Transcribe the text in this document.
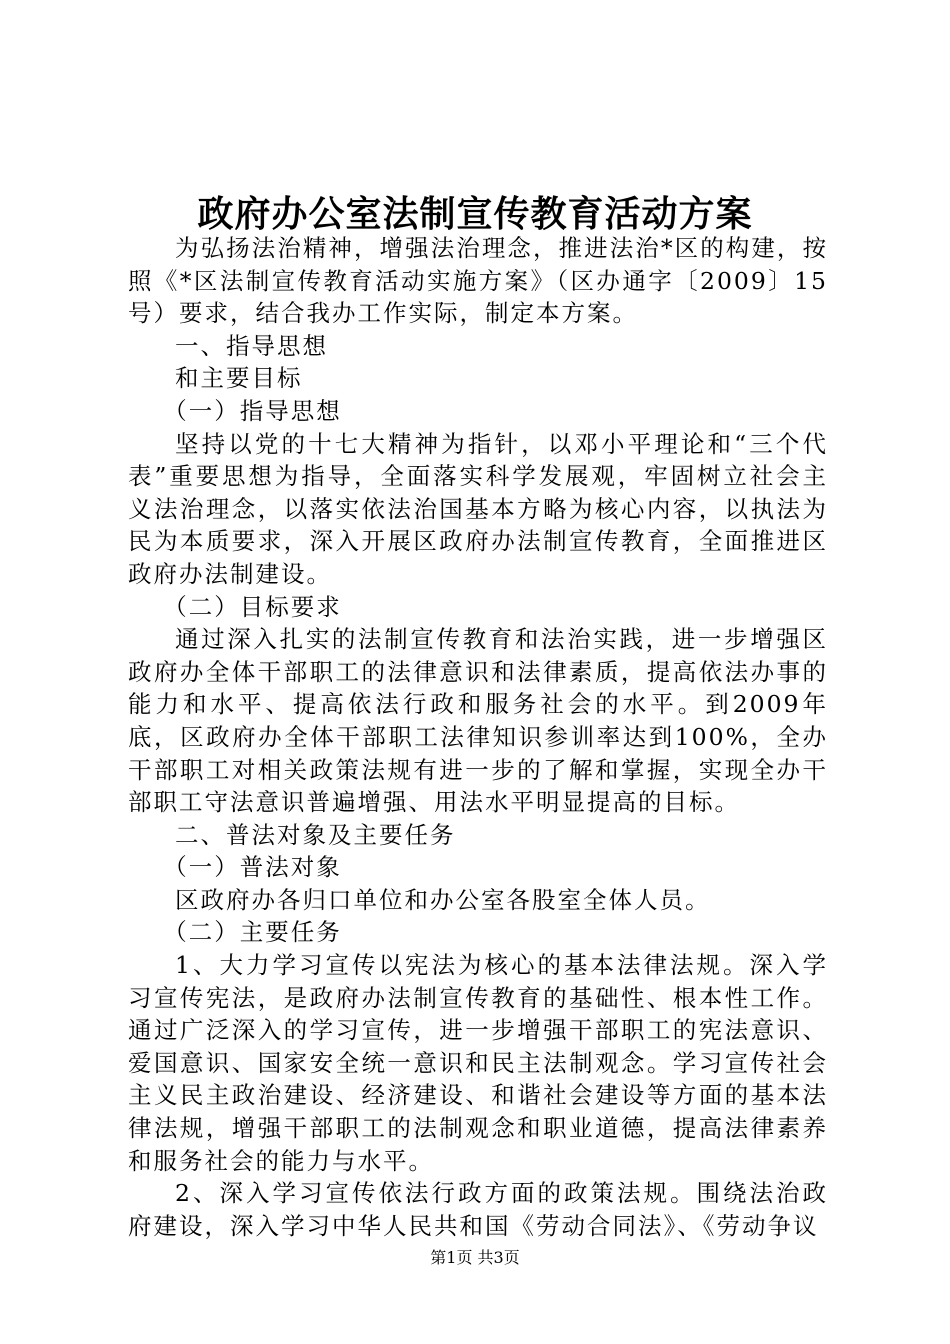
政府办公室法制宣传教育活动方案

为弘扬法治精神，增强法治理念，推进法治*区的构建，按照《*区法制宣传教育活动实施方案》（区办通字〔2009〕15号）要求，结合我办工作实际，制定本方案。

一、指导思想

和主要目标

（一）指导思想

坚持以党的十七大精神为指针，以邓小平理论和“三个代表”重要思想为指导，全面落实科学发展观，牢固树立社会主义法治理念，以落实依法治国基本方略为核心内容，以执法为民为本质要求，深入开展区政府办法制宣传教育，全面推进区政府办法制建设。

（二）目标要求

通过深入扎实的法制宣传教育和法治实践，进一步增强区政府办全体干部职工的法律意识和法律素质，提高依法办事的能力和水平、提高依法行政和服务社会的水平。到2009年底，区政府办全体干部职工法律知识参训率达到100%，全办干部职工对相关政策法规有进一步的了解和掌握，实现全办干部职工守法意识普遍增强、用法水平明显提高的目标。

二、普法对象及主要任务

（一）普法对象

区政府办各归口单位和办公室各股室全体人员。

（二）主要任务

1、大力学习宣传以宪法为核心的基本法律法规。深入学习宣传宪法，是政府办法制宣传教育的基础性、根本性工作。通过广泛深入的学习宣传，进一步增强干部职工的宪法意识、爱国意识、国家安全统一意识和民主法制观念。学习宣传社会主义民主政治建设、经济建设、和谐社会建设等方面的基本法律法规，增强干部职工的法制观念和职业道德，提高法律素养和服务社会的能力与水平。

2、深入学习宣传依法行政方面的政策法规。围绕法治政府建设，深入学习中华人民共和国《劳动合同法》、《劳动争议

第1页 共3页
